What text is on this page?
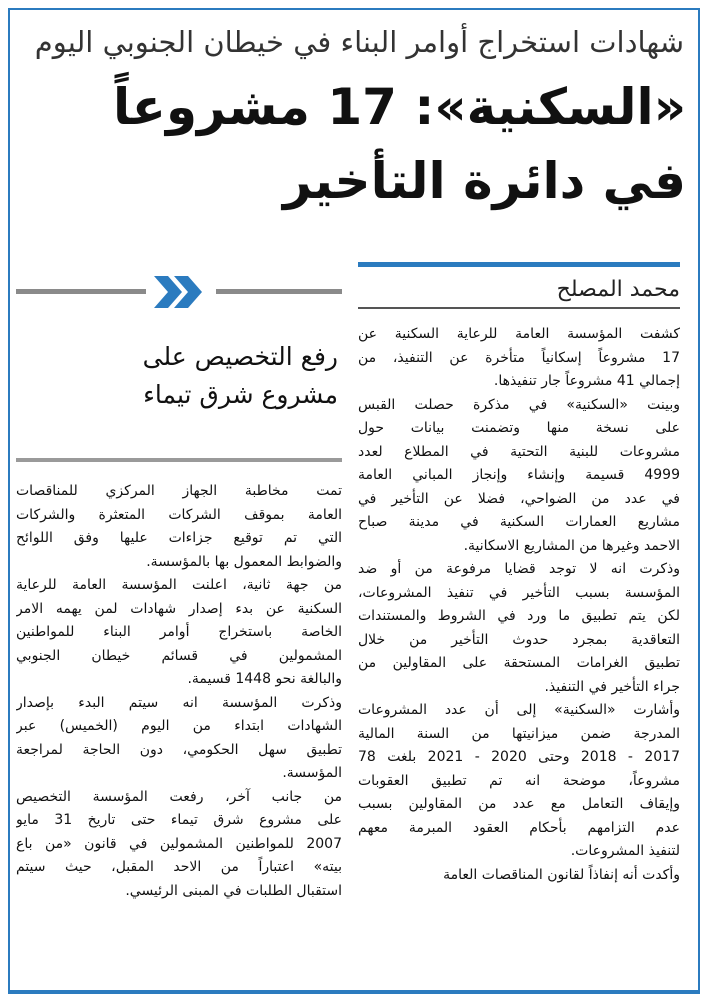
شهادات استخراج أوامر البناء في خيطان الجنوبي اليوم
«السكنية»: 17 مشروعاً
في دائرة التأخير
رفع التخصيص على
مشروع شرق تيماء
تمت مخاطبة الجهاز المركزي للمناقصات
العامة بموقف الشركات المتعثرة والشركات
التي تم توقيع جزاءات عليها وفق اللوائح
والضوابط المعمول بها بالمؤسسة.
من جهة ثانية، اعلنت المؤسسة العامة للرعاية
السكنية عن بدء إصدار شهادات لمن يهمه الامر
الخاصة باستخراج أوامر البناء للمواطنين
المشمولين في قسائم خيطان الجنوبي
والبالغة نحو 1448 قسيمة.
وذكرت المؤسسة انه سيتم البدء بإصدار
الشهادات ابتداء من اليوم (الخميس) عبر
تطبيق سهل الحكومي، دون الحاجة لمراجعة
المؤسسة.
من جانب آخر، رفعت المؤسسة التخصيص
على مشروع شرق تيماء حتى تاريخ 31 مايو
2007 للمواطنين المشمولين في قانون «من باع
بيته» اعتباراً من الاحد المقبل، حيث سيتم
استقبال الطلبات في المبنى الرئيسي.
محمد المصلح
كشفت المؤسسة العامة للرعاية السكنية عن
17 مشروعاً إسكانياً متأخرة عن التنفيذ، من
إجمالي 41 مشروعاً جار تنفيذها.
وبينت «السكنية» في مذكرة حصلت القبس
على نسخة منها وتضمنت بيانات حول
مشروعات للبنية التحتية في المطلاع لعدد
4999 قسيمة وإنشاء وإنجاز المباني العامة
في عدد من الضواحي، فضلا عن التأخير في
مشاريع العمارات السكنية في مدينة صباح
الاحمد وغيرها من المشاريع الاسكانية.
وذكرت انه لا توجد قضايا مرفوعة من أو ضد
المؤسسة بسبب التأخير في تنفيذ المشروعات،
لكن يتم تطبيق ما ورد في الشروط والمستندات
التعاقدية بمجرد حدوث التأخير من خلال
تطبيق الغرامات المستحقة على المقاولين من
جراء التأخير في التنفيذ.
وأشارت «السكنية» إلى أن عدد المشروعات
المدرجة ضمن ميزانيتها من السنة المالية
2017 - 2018 وحتى 2020 - 2021 بلغت 78
مشروعاً، موضحة انه تم تطبيق العقوبات
وإيقاف التعامل مع عدد من المقاولين بسبب
عدم التزامهم بأحكام العقود المبرمة معهم
لتنفيذ المشروعات.
وأكدت أنه إنفاذاً لقانون المناقصات العامة
